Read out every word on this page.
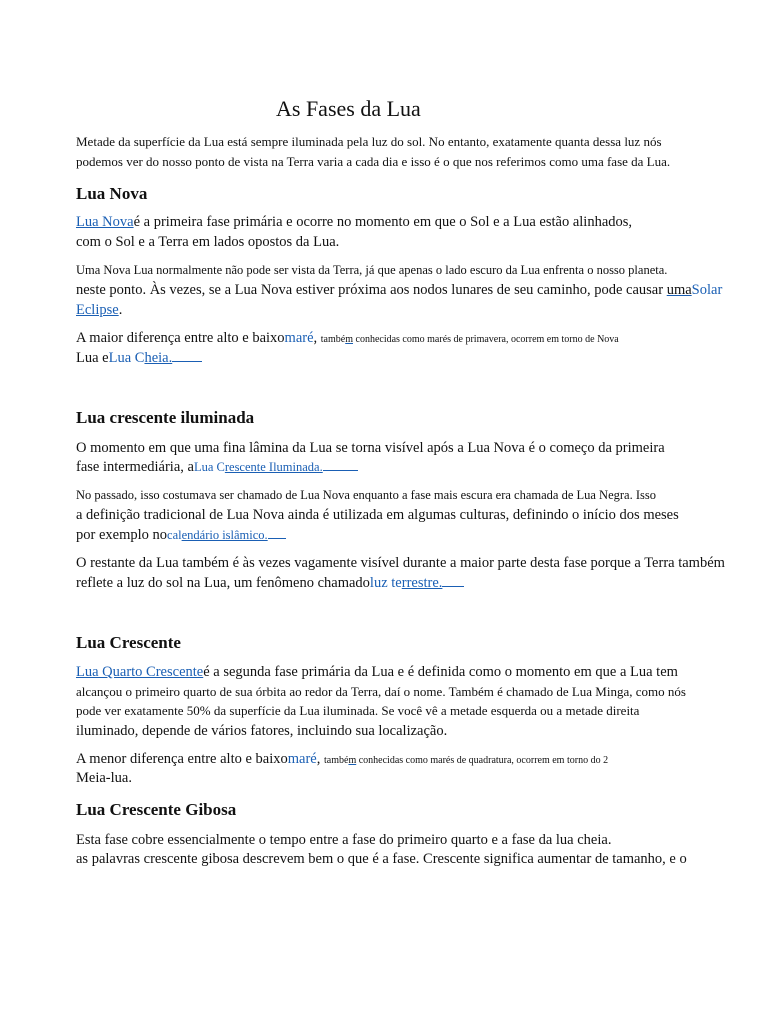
As Fases da Lua
Metade da superfície da Lua está sempre iluminada pela luz do sol. No entanto, exatamente quanta dessa luz nós
podemos ver do nosso ponto de vista na Terra varia a cada dia e isso é o que nos referimos como uma fase da Lua.
Lua Nova
Lua Novaé a primeira fase primária e ocorre no momento em que o Sol e a Lua estão alinhados,
com o Sol e a Terra em lados opostos da Lua.
Uma Nova Lua normalmente não pode ser vista da Terra, já que apenas o lado escuro da Lua enfrenta o nosso planeta.
neste ponto. Às vezes, se a Lua Nova estiver próxima aos nodos lunares de seu caminho, pode causar umaSolar
Eclipse.
A maior diferença entre alto e baixomaré, também conhecidas como marés de primavera, ocorrem em torno de Nova
Lua eLua Cheia.
Lua crescente iluminada
O momento em que uma fina lâmina da Lua se torna visível após a Lua Nova é o começo da primeira
fase intermediária, aLua Crescente Iluminada.
No passado, isso costumava ser chamado de Lua Nova enquanto a fase mais escura era chamada de Lua Negra. Isso
a definição tradicional de Lua Nova ainda é utilizada em algumas culturas, definindo o início dos meses
por exemplo nocalendário islâmico.
O restante da Lua também é às vezes vagamente visível durante a maior parte desta fase porque a Terra também
reflete a luz do sol na Lua, um fenômeno chamadoluz terrestre.
Lua Crescente
Lua Quarto Crescenteé a segunda fase primária da Lua e é definida como o momento em que a Lua tem
alcançou o primeiro quarto de sua órbita ao redor da Terra, daí o nome. Também é chamado de Lua Minga, como nós
pode ver exatamente 50% da superfície da Lua iluminada. Se você vê a metade esquerda ou a metade direita
iluminado, depende de vários fatores, incluindo sua localização.
A menor diferença entre alto e baixomaré, também conhecidas como marés de quadratura, ocorrem em torno do 2
Meia-lua.
Lua Crescente Gibosa
Esta fase cobre essencialmente o tempo entre a fase do primeiro quarto e a fase da lua cheia.
as palavras crescente gibosa descrevem bem o que é a fase. Crescente significa aumentar de tamanho, e o
